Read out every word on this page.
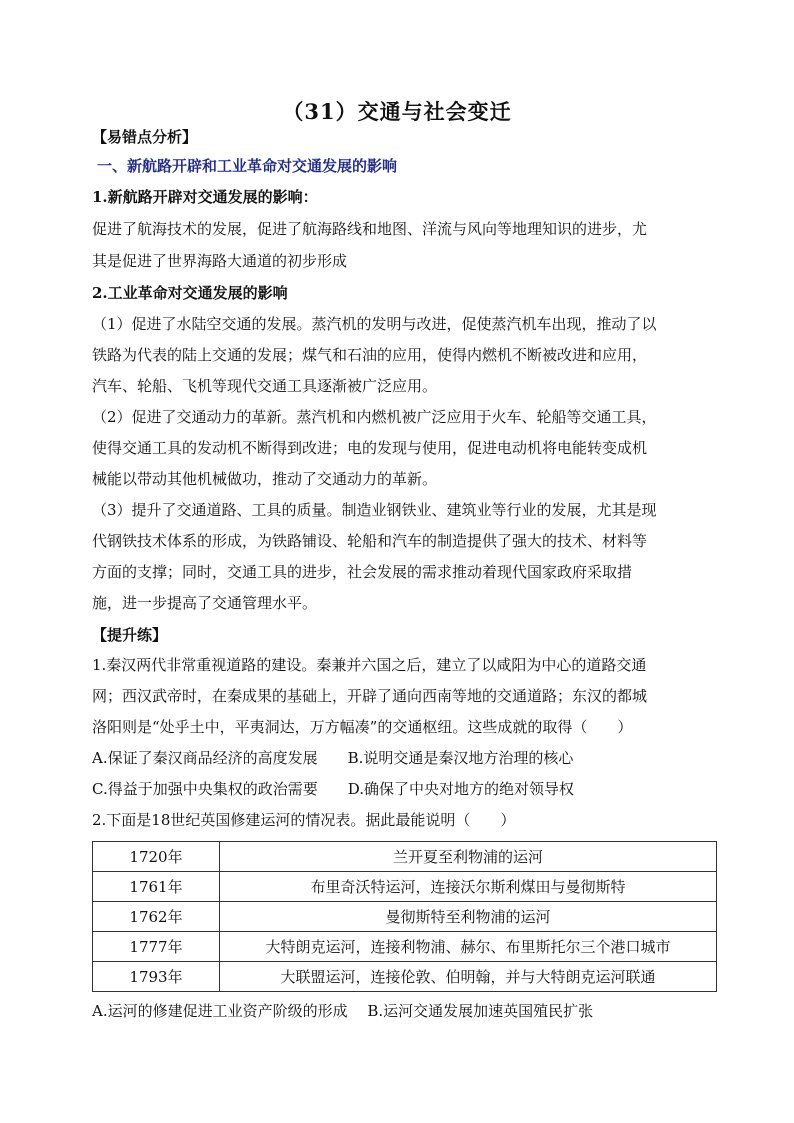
（31）交通与社会变迁
【易错点分析】
一、新航路开辟和工业革命对交通发展的影响
1.新航路开辟对交通发展的影响：
促进了航海技术的发展，促进了航海路线和地图、洋流与风向等地理知识的进步，尤
其是促进了世界海路大通道的初步形成
2.工业革命对交通发展的影响
（1）促进了水陆空交通的发展。蒸汽机的发明与改进，促使蒸汽机车出现，推动了以
铁路为代表的陆上交通的发展；煤气和石油的应用，使得内燃机不断被改进和应用，
汽车、轮船、飞机等现代交通工具逐渐被广泛应用。
（2）促进了交通动力的革新。蒸汽机和内燃机被广泛应用于火车、轮船等交通工具，
使得交通工具的发动机不断得到改进；电的发现与使用，促进电动机将电能转变成机
械能以带动其他机械做功，推动了交通动力的革新。
（3）提升了交通道路、工具的质量。制造业钢铁业、建筑业等行业的发展，尤其是现
代钢铁技术体系的形成，为铁路铺设、轮船和汽车的制造提供了强大的技术、材料等
方面的支撑；同时，交通工具的进步，社会发展的需求推动着现代国家政府采取措
施，进一步提高了交通管理水平。
【提升练】
1.秦汉两代非常重视道路的建设。秦兼并六国之后，建立了以咸阳为中心的道路交通
网；西汉武帝时，在秦成果的基础上，开辟了通向西南等地的交通道路；东汉的都城
洛阳则是“处乎土中，平夷洞达，万方幅凑”的交通枢纽。这些成就的取得（　　）
A.保证了秦汉商品经济的高度发展　　B.说明交通是秦汉地方治理的核心
C.得益于加强中央集权的政治需要　　D.确保了中央对地方的绝对领导权
2.下面是18世纪英国修建运河的情况表。据此最能说明（　　）
1720年	兰开夏至利物浦的运河
1761年	布里奇沃特运河，连接沃尔斯利煤田与曼彻斯特
1762年	曼彻斯特至利物浦的运河
1777年	大特朗克运河，连接利物浦、赫尔、布里斯托尔三个港口城市
1793年	大联盟运河，连接伦敦、伯明翰，并与大特朗克运河联通
A.运河的修建促进工业资产阶级的形成　 B.运河交通发展加速英国殖民扩张
